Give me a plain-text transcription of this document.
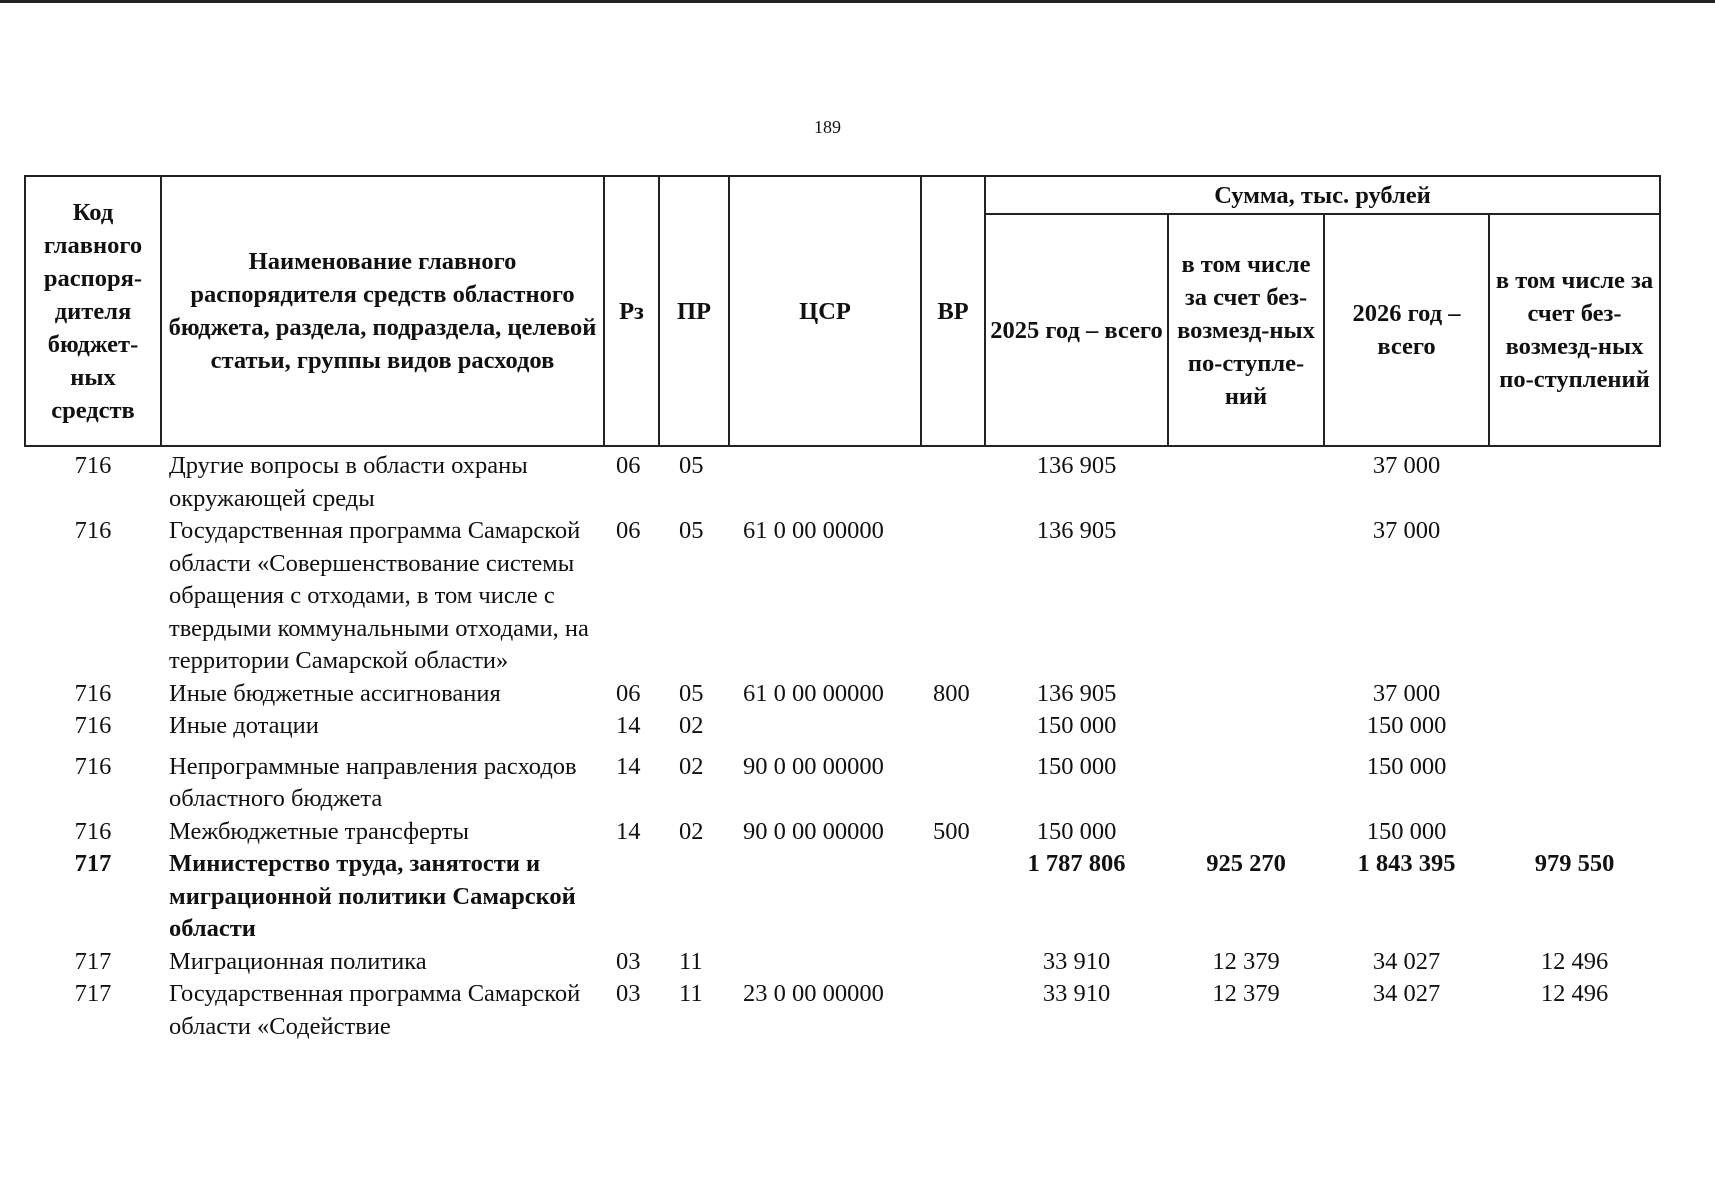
189
Код главного распоря-дителя бюджет-ных средств	Наименование главного распорядителя средств областного бюджета, раздела, подраздела, целевой статьи, группы видов расходов	Рз	ПР	ЦСР	ВР	Сумма, тыс. рублей			
						2025 год – всего	в том числе за счет без-возмезд-ных по-ступле-ний	2026 год – всего	в том числе за счет без-возмезд-ных по-ступлений
716	Другие вопросы в области охраны окружающей среды	06	05			136 905		37 000	
716	Государственная программа Самарской области «Совершенствование системы обращения с отходами, в том числе с твердыми коммунальными отходами, на территории Самарской области»	06	05	61 0 00 00000		136 905		37 000	
716	Иные бюджетные ассигнования	06	05	61 0 00 00000	800	136 905		37 000	
716	Иные дотации	14	02			150 000		150 000	
716	Непрограммные направления расходов областного бюджета	14	02	90 0 00 00000		150 000		150 000	
716	Межбюджетные трансферты	14	02	90 0 00 00000	500	150 000		150 000	
717	Министерство труда, занятости и миграционной политики Самарской области					1 787 806	925 270	1 843 395	979 550
717	Миграционная политика	03	11			33 910	12 379	34 027	12 496
717	Государственная программа Самарской области «Содействие	03	11	23 0 00 00000		33 910	12 379	34 027	12 496
